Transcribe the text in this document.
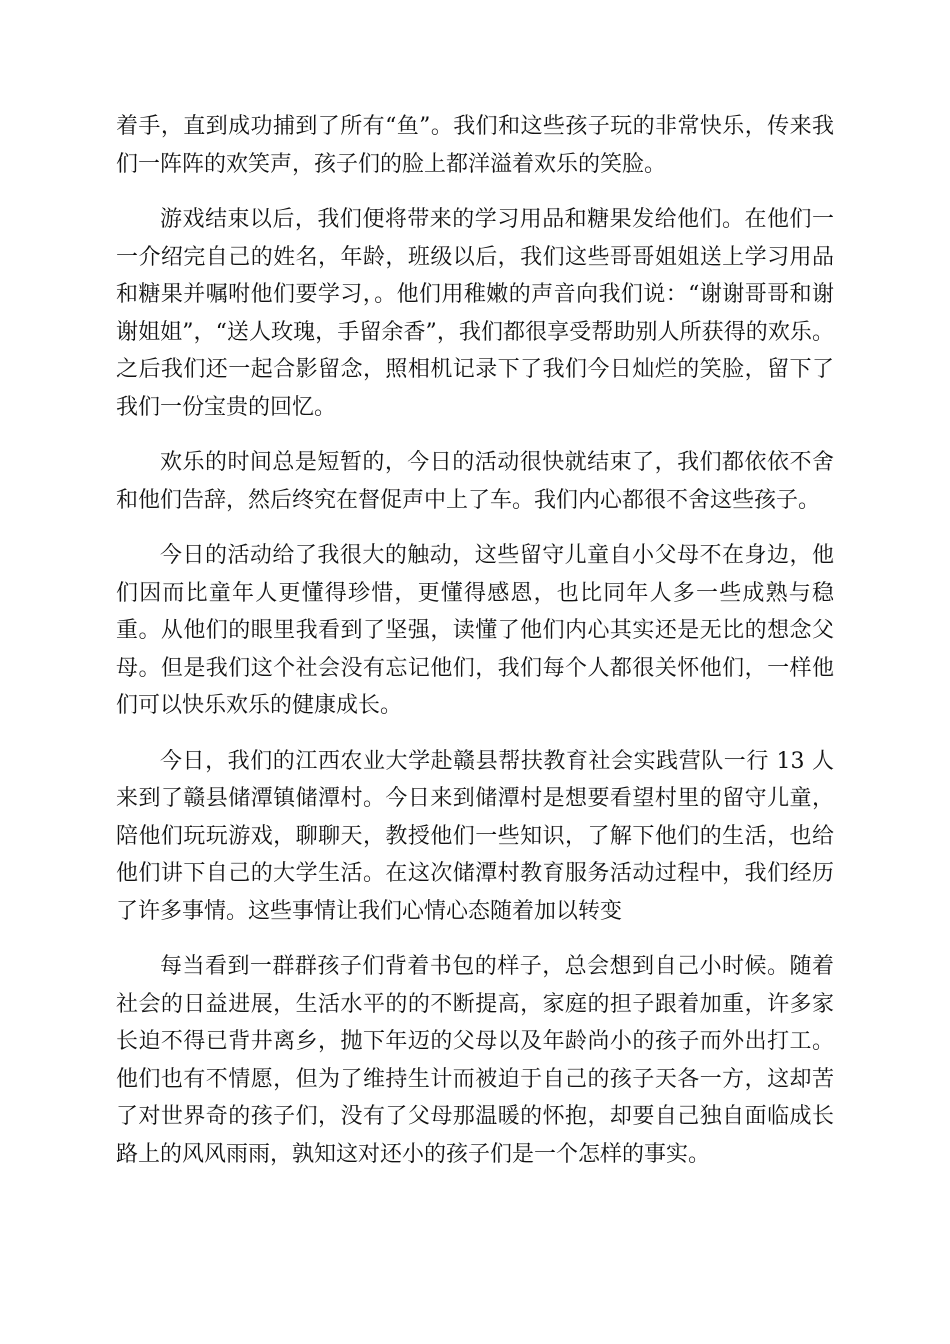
着手，直到成功捕到了所有“鱼”。我们和这些孩子玩的非常快乐，传来我们一阵阵的欢笑声，孩子们的脸上都洋溢着欢乐的笑脸。

游戏结束以后，我们便将带来的学习用品和糖果发给他们。在他们一一介绍完自己的姓名，年龄，班级以后，我们这些哥哥姐姐送上学习用品和糖果并嘱咐他们要学习，。他们用稚嫩的声音向我们说：“谢谢哥哥和谢谢姐姐”，“送人玫瑰，手留余香”，我们都很享受帮助别人所获得的欢乐。之后我们还一起合影留念，照相机记录下了我们今日灿烂的笑脸，留下了我们一份宝贵的回忆。

欢乐的时间总是短暂的，今日的活动很快就结束了，我们都依依不舍和他们告辞，然后终究在督促声中上了车。我们内心都很不舍这些孩子。

今日的活动给了我很大的触动，这些留守儿童自小父母不在身边，他们因而比童年人更懂得珍惜，更懂得感恩，也比同年人多一些成熟与稳重。从他们的眼里我看到了坚强，读懂了他们内心其实还是无比的想念父母。但是我们这个社会没有忘记他们，我们每个人都很关怀他们，一样他们可以快乐欢乐的健康成长。

今日，我们的江西农业大学赴赣县帮扶教育社会实践营队一行 13 人来到了赣县储潭镇储潭村。今日来到储潭村是想要看望村里的留守儿童，陪他们玩玩游戏，聊聊天，教授他们一些知识，了解下他们的生活，也给他们讲下自己的大学生活。在这次储潭村教育服务活动过程中，我们经历了许多事情。这些事情让我们心情心态随着加以转变

每当看到一群群孩子们背着书包的样子，总会想到自己小时候。随着社会的日益进展，生活水平的的不断提高，家庭的担子跟着加重，许多家长迫不得已背井离乡，抛下年迈的父母以及年龄尚小的孩子而外出打工。他们也有不情愿，但为了维持生计而被迫于自己的孩子天各一方，这却苦了对世界奇的孩子们，没有了父母那温暖的怀抱，却要自己独自面临成长路上的风风雨雨，孰知这对还小的孩子们是一个怎样的事实。
